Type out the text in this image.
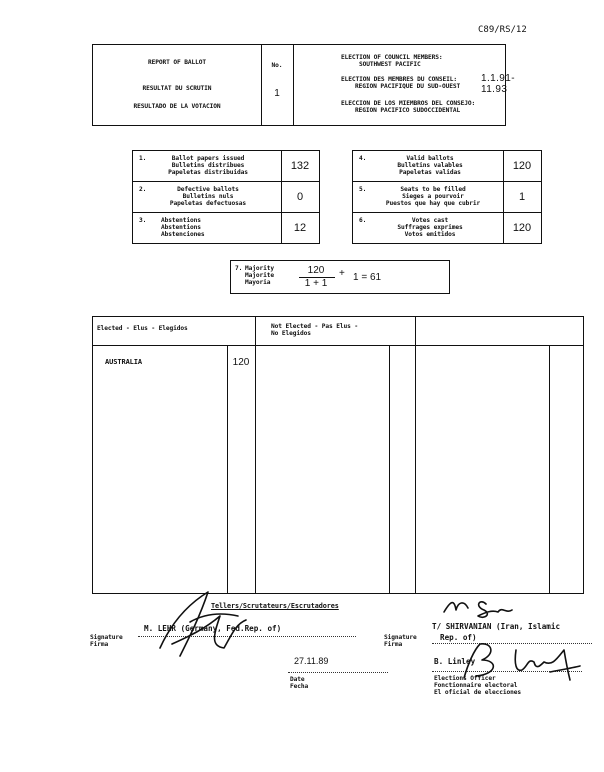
C89/RS/12
REPORT OF BALLOT
RESULTAT DU SCRUTIN
RESULTADO DE LA VOTACION
No.
1
ELECTION OF COUNCIL MEMBERS:
SOUTHWEST PACIFIC
ELECTION DES MEMBRES DU CONSEIL:
REGION PACIFIQUE DU SUD-OUEST
ELECCION DE LOS MIEMBROS DEL CONSEJO:
REGION PACIFICO SUDOCCIDENTAL
1.1.91-11.93
1.	Ballot papers issued
Bulletins distribues
Papeletas distribuidas
132
2.	Defective ballots
Bulletins nuls
Papeletas defectuosas
0
3. Abstentions
Abstentions
Abstenciones
12
4.	Valid ballots
Bulletins valables
Papeletas validas
120
5.	Seats to be filled
Sieges a pourvoir
Puestos que hay que cubrir
1
6.	Votes cast
Suffrages exprimes
Votos emitidos
120
7. Majority
Majorite
Mayoria
120
1 + 1
+ 1 = 61
Elected - Elus - Elegidos	Not Elected - Pas Elus -
No Elegidos
AUSTRALIA	120
Tellers/Scrutateurs/Escrutadores
M. LEHR (Germany, Fed.Rep. of)
Signature
Firma
T/ SHIRVANIAN (Iran, Islamic
Rep. of)
Signature
Firma
27.11.89
Date
Fecha
B. Linley
Elections Officer
Fonctionnaire electoral
El oficial de elecciones
